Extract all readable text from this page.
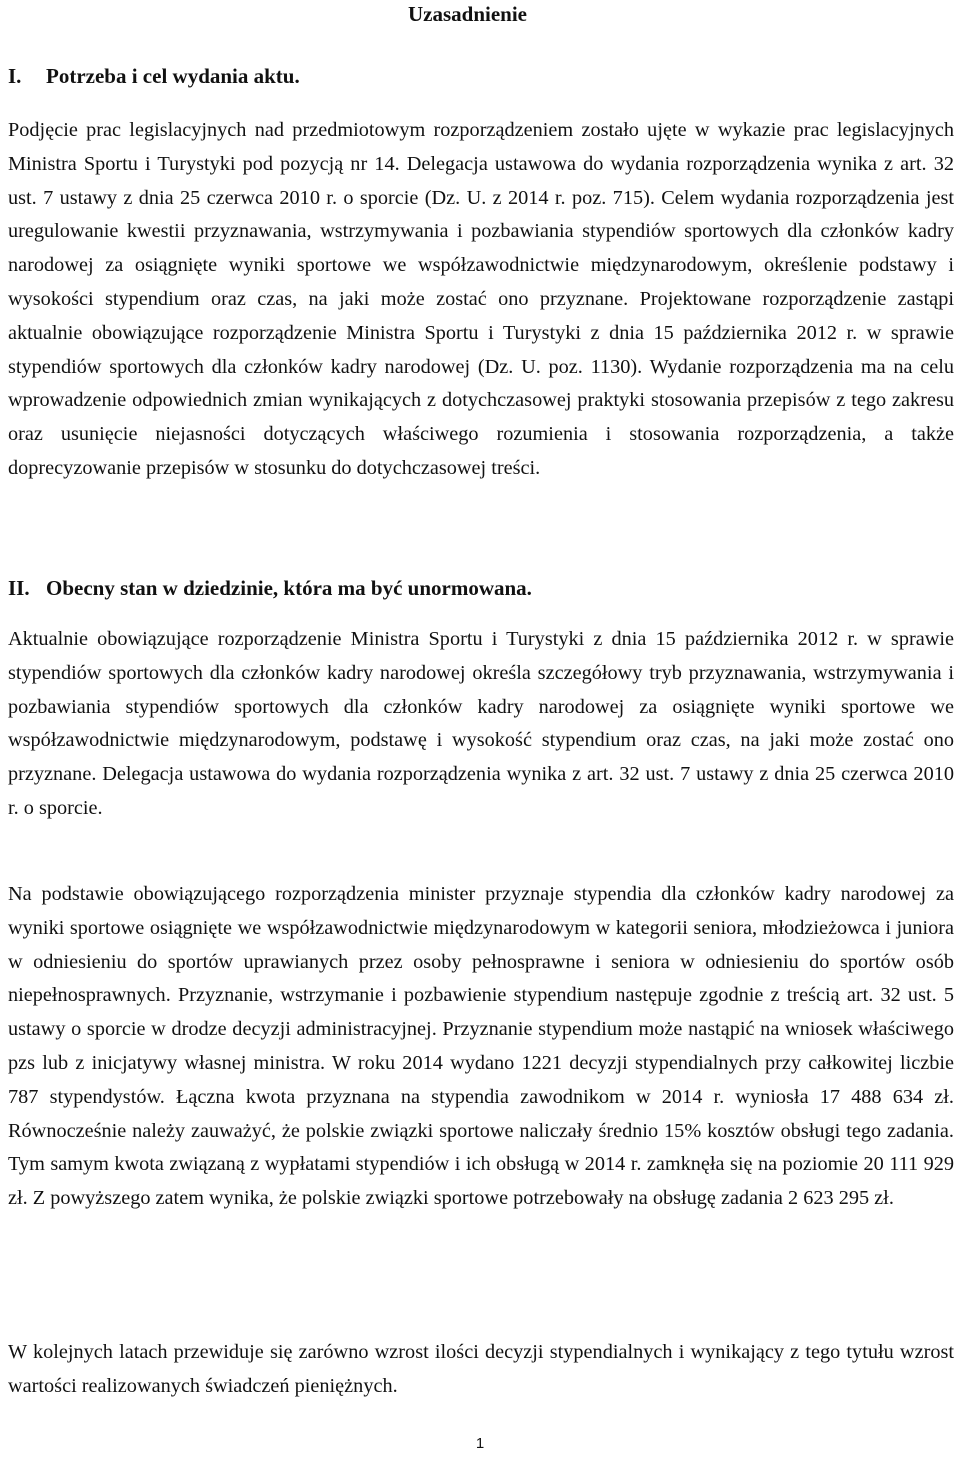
Uzasadnienie
I. Potrzeba i cel wydania aktu.

Podjęcie prac legislacyjnych nad przedmiotowym rozporządzeniem zostało ujęte w wykazie prac legislacyjnych Ministra Sportu i Turystyki pod pozycją nr 14. Delegacja ustawowa do wydania rozporządzenia wynika z art. 32 ust. 7 ustawy z dnia 25 czerwca 2010 r. o sporcie (Dz. U. z 2014 r. poz. 715). Celem wydania rozporządzenia jest uregulowanie kwestii przyznawania, wstrzymywania i pozbawiania stypendiów sportowych dla członków kadry narodowej za osiągnięte wyniki sportowe we współzawodnictwie międzynarodowym, określenie podstawy i wysokości stypendium oraz czas, na jaki może zostać ono przyznane. Projektowane rozporządzenie zastąpi aktualnie obowiązujące rozporządzenie Ministra Sportu i Turystyki z dnia 15 października 2012 r. w sprawie stypendiów sportowych dla członków kadry narodowej (Dz. U. poz. 1130). Wydanie rozporządzenia ma na celu wprowadzenie odpowiednich zmian wynikających z dotychczasowej praktyki stosowania przepisów z tego zakresu oraz usunięcie niejasności dotyczących właściwego rozumienia i stosowania rozporządzenia, a także doprecyzowanie przepisów w stosunku do dotychczasowej treści.

II. Obecny stan w dziedzinie, która ma być unormowana.

Aktualnie obowiązujące rozporządzenie Ministra Sportu i Turystyki z dnia 15 października 2012 r. w sprawie stypendiów sportowych dla członków kadry narodowej określa szczegółowy tryb przyznawania, wstrzymywania i pozbawiania stypendiów sportowych dla członków kadry narodowej za osiągnięte wyniki sportowe we współzawodnictwie międzynarodowym, podstawę i wysokość stypendium oraz czas, na jaki może zostać ono przyznane. Delegacja ustawowa do wydania rozporządzenia wynika z art. 32 ust. 7 ustawy z dnia 25 czerwca 2010 r. o sporcie.

Na podstawie obowiązującego rozporządzenia minister przyznaje stypendia dla członków kadry narodowej za wyniki sportowe osiągnięte we współzawodnictwie międzynarodowym w kategorii seniora, młodzieżowca i juniora w odniesieniu do sportów uprawianych przez osoby pełnosprawne i seniora w odniesieniu do sportów osób niepełnosprawnych. Przyznanie, wstrzymanie i pozbawienie stypendium następuje zgodnie z treścią art. 32 ust. 5 ustawy o sporcie w drodze decyzji administracyjnej. Przyznanie stypendium może nastąpić na wniosek właściwego pzs lub z inicjatywy własnej ministra. W roku 2014 wydano 1221 decyzji stypendialnych przy całkowitej liczbie 787 stypendystów. Łączna kwota przyznana na stypendia zawodnikom w 2014 r. wyniosła 17 488 634 zł. Równocześnie należy zauważyć, że polskie związki sportowe naliczały średnio 15% kosztów obsługi tego zadania. Tym samym kwota związaną z wypłatami stypendiów i ich obsługą w 2014 r. zamknęła się na poziomie 20 111 929 zł. Z powyższego zatem wynika, że polskie związki sportowe potrzebowały na obsługę zadania 2 623 295 zł.

W kolejnych latach przewiduje się zarówno wzrost ilości decyzji stypendialnych i wynikający z tego tytułu wzrost wartości realizowanych świadczeń pieniężnych.

1
